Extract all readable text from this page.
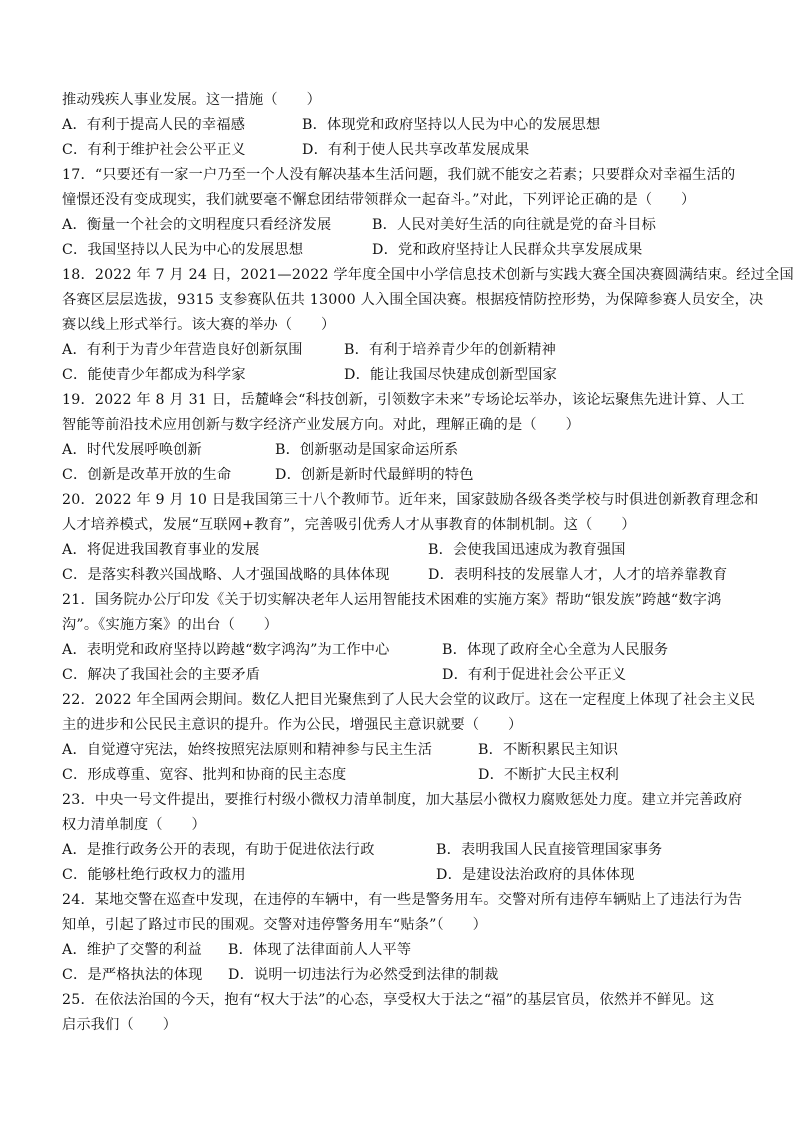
推动残疾人事业发展。这一措施（　　）
A．有利于提高人民的幸福感	B．体现党和政府坚持以人民为中心的发展思想
C．有利于维护社会公平正义	D．有利于使人民共享改革发展成果
17．“只要还有一家一户乃至一个人没有解决基本生活问题，我们就不能安之若素；只要群众对幸福生活的
憧憬还没有变成现实，我们就要毫不懈怠团结带领群众一起奋斗。”对此，下列评论正确的是（　　）
A．衡量一个社会的文明程度只看经济发展	B．人民对美好生活的向往就是党的奋斗目标
C．我国坚持以人民为中心的发展思想	D．党和政府坚持让人民群众共享发展成果
18．2022 年 7 月 24 日，2021—2022 学年度全国中小学信息技术创新与实践大赛全国决赛圆满结束。经过全国
各赛区层层选拔，9315 支参赛队伍共 13000 人入围全国决赛。根据疫情防控形势，为保障参赛人员安全，决
赛以线上形式举行。该大赛的举办（　　）
A．有利于为青少年营造良好创新氛围	B．有利于培养青少年的创新精神
C．能使青少年都成为科学家	D．能让我国尽快建成创新型国家
19．2022 年 8 月 31 日，岳麓峰会“科技创新，引领数字未来”专场论坛举办，该论坛聚焦先进计算、人工
智能等前沿技术应用创新与数字经济产业发展方向。对此，理解正确的是（　　）
A．时代发展呼唤创新	B．创新驱动是国家命运所系
C．创新是改革开放的生命	D．创新是新时代最鲜明的特色
20．2022 年 9 月 10 日是我国第三十八个教师节。近年来，国家鼓励各级各类学校与时俱进创新教育理念和
人才培养模式，发展“互联网+教育”，完善吸引优秀人才从事教育的体制机制。这（　　）
A．将促进我国教育事业的发展	B．会使我国迅速成为教育强国
C．是落实科教兴国战略、人才强国战略的具体体现	D．表明科技的发展靠人才，人才的培养靠教育
21．国务院办公厅印发《关于切实解决老年人运用智能技术困难的实施方案》帮助“银发族”跨越“数字鸿
沟”。《实施方案》的出台（　　）
A．表明党和政府坚持以跨越“数字鸿沟”为工作中心	B．体现了政府全心全意为人民服务
C．解决了我国社会的主要矛盾	D．有利于促进社会公平正义
22．2022 年全国两会期间。数亿人把目光聚焦到了人民大会堂的议政厅。这在一定程度上体现了社会主义民
主的进步和公民民主意识的提升。作为公民，增强民主意识就要（　　）
A．自觉遵守宪法，始终按照宪法原则和精神参与民主生活	B．不断积累民主知识
C．形成尊重、宽容、批判和协商的民主态度	D．不断扩大民主权利
23．中央一号文件提出，要推行村级小微权力清单制度，加大基层小微权力腐败惩处力度。建立并完善政府
权力清单制度（　　）
A．是推行政务公开的表现，有助于促进依法行政	B．表明我国人民直接管理国家事务
C．能够杜绝行政权力的滥用	D．是建设法治政府的具体体现
24．某地交警在巡查中发现，在违停的车辆中，有一些是警务用车。交警对所有违停车辆贴上了违法行为告
知单，引起了路过市民的围观。交警对违停警务用车“贴条”（　　）
A．维护了交警的利益 B．体现了法律面前人人平等
C．是严格执法的体现 D．说明一切违法行为必然受到法律的制裁
25．在依法治国的今天，抱有“权大于法”的心态，享受权大于法之“福”的基层官员，依然并不鲜见。这
启示我们（　　）
